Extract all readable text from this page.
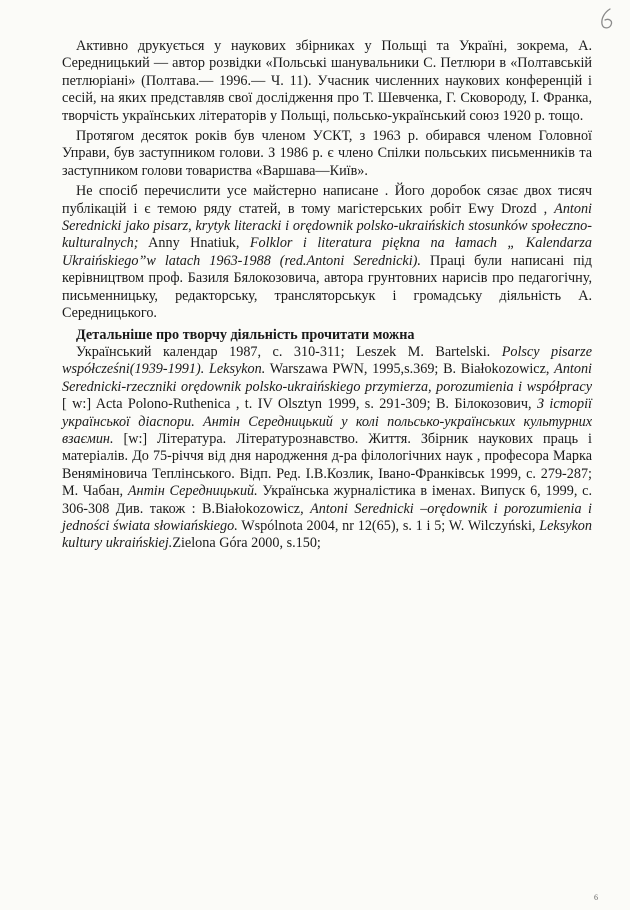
Активно друкується у наукових збірниках у Польщі та Україні, зокрема, А. Середницький — автор розвідки «Польські шанувальники С. Петлюри в «Полтавській петлюріані» (Полтава.— 1996.— Ч. 11). Учасник численних наукових конференцій і сесій, на яких представляв свої дослідження про Т. Шевченка, Г. Сковороду, І. Франка, творчість українських літераторів у Польщі, польсько-український союз 1920 р. тощо.

Протягом десяток років був членом УСКТ, з 1963 р. обирався членом Головної Управи, був заступником голови. З 1986 р. є члено Спілки польських письменників та заступником голови товариства «Варшава—Київ».

Не спосіб перечислити усе майстерно написане . Його доробок сязає двох тисяч публікацій і є темою ряду статей, в тому магістерських робіт Ewy Drozd , Antoni Serednicki jako pisarz, krytyk literacki i orędownik polsko-ukraińskich stosunków społeczno-kulturalnych; Anny Hnatiuk, Folklor i literatura piękna na łamach „ Kalendarza Ukraińskiego”w latach 1963-1988 (red.Antoni Serednicki). Праці були написані під керівництвом проф. Базиля Бялокозовича, автора грунтовних нарисів про педагогічну, письменницьку, редакторську, трансляторськук і громадську діяльність А. Середницького.

Детальніше про творчу діяльність прочитати можна

Український календар 1987, с. 310-311; Leszek M. Bartelski. Polscy pisarze współcześni(1939-1991). Leksykon. Warszawa PWN, 1995,s.369; B. Białokozowicz, Antoni Serednicki-rzeczniki orędownik polsko-ukraińskiego przymierza, porozumienia i współpracy [ w:] Acta Polono-Ruthenica , t. IV Olsztyn 1999, s. 291-309; В. Білокозович, З історії української діаспори. Антін Середницький у колі польсько-українських культурних взаємин. [w:] Література. Літературознавство. Життя. Збірник наукових праць і матеріалів. До 75-річчя від дня народження д-ра філологічних наук , професора Марка Веняміновича Теплінського. Відп. Ред. І.В.Козлик, Івано-Франківськ 1999, с. 279-287; М. Чабан, Антін Середницький. Українська журналістика в іменах. Випуск 6, 1999, с. 306-308 Див. також : B.Białokozowicz, Antoni Serednicki –orędownik i porozumienia i jedności świata słowiańskiego. Wspólnota 2004, nr 12(65), s. 1 i 5; W. Wilczyński, Leksykon kultury ukraińskiej.Zielona Góra 2000, s.150;

6
